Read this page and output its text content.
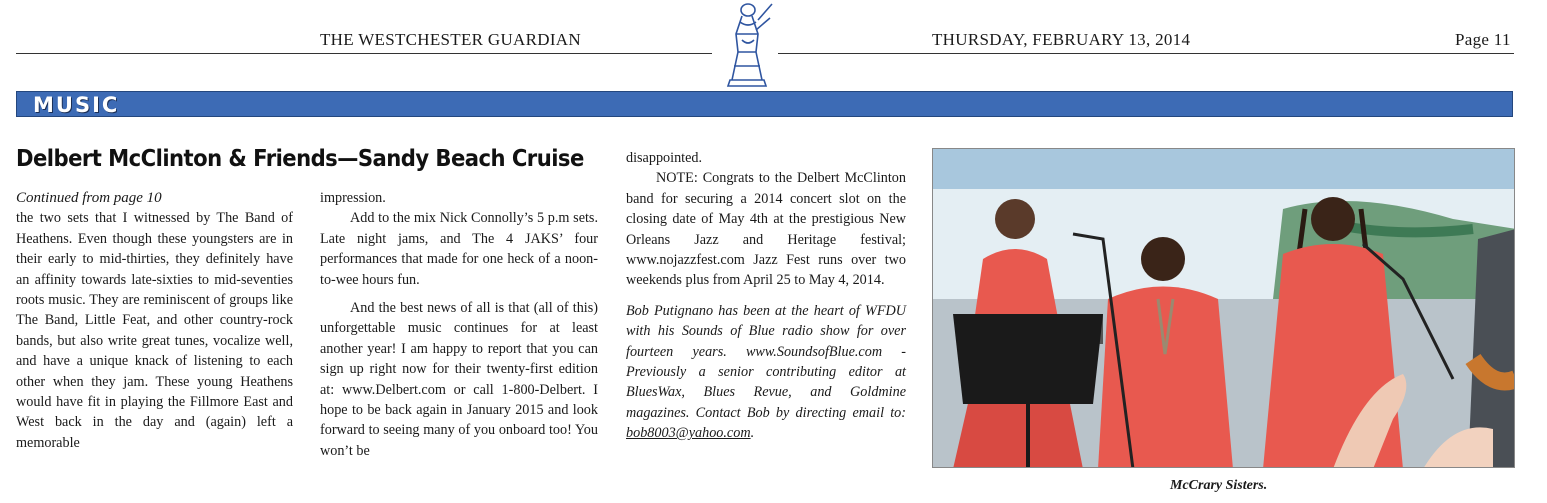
THE WESTCHESTER GUARDIAN	THURSDAY, FEBRUARY 13, 2014	Page 11
MUSIC
Delbert McClinton & Friends—Sandy Beach Cruise

Continued from page 10

the two sets that I witnessed by The Band of Heathens. Even though these youngsters are in their early to mid-thirties, they definitely have an affinity towards late-sixties to mid-seventies roots music. They are reminiscent of groups like The Band, Little Feat, and other country-rock bands, but also write great tunes, vocalize well, and have a unique knack of listening to each other when they jam. These young Heathens would have fit in playing the Fillmore East and West back in the day and (again) left a memorable

impression.

Add to the mix Nick Connolly’s 5 p.m sets. Late night jams, and The 4 JAKS’ four performances that made for one heck of a noon-to-wee hours fun.

And the best news of all is that (all of this) unforgettable music continues for at least another year! I am happy to report that you can sign up right now for their twenty-first edition at: www.Delbert.com or call 1-800-Delbert. I hope to be back again in January 2015 and look forward to seeing many of you onboard too! You won’t be

disappointed.

NOTE: Congrats to the Delbert McClinton band for securing a 2014 concert slot on the closing date of May 4th at the prestigious New Orleans Jazz and Heritage festival; www.nojazzfest.com Jazz Fest runs over two weekends plus from April 25 to May 4, 2014.

Bob Putignano has been at the heart of WFDU with his Sounds of Blue radio show for over fourteen years. www.SoundsofBlue.com - Previously a senior contributing editor at BluesWax, Blues Revue, and Goldmine magazines. Contact Bob by directing email to: bob8003@yahoo.com.

McCrary Sisters.
